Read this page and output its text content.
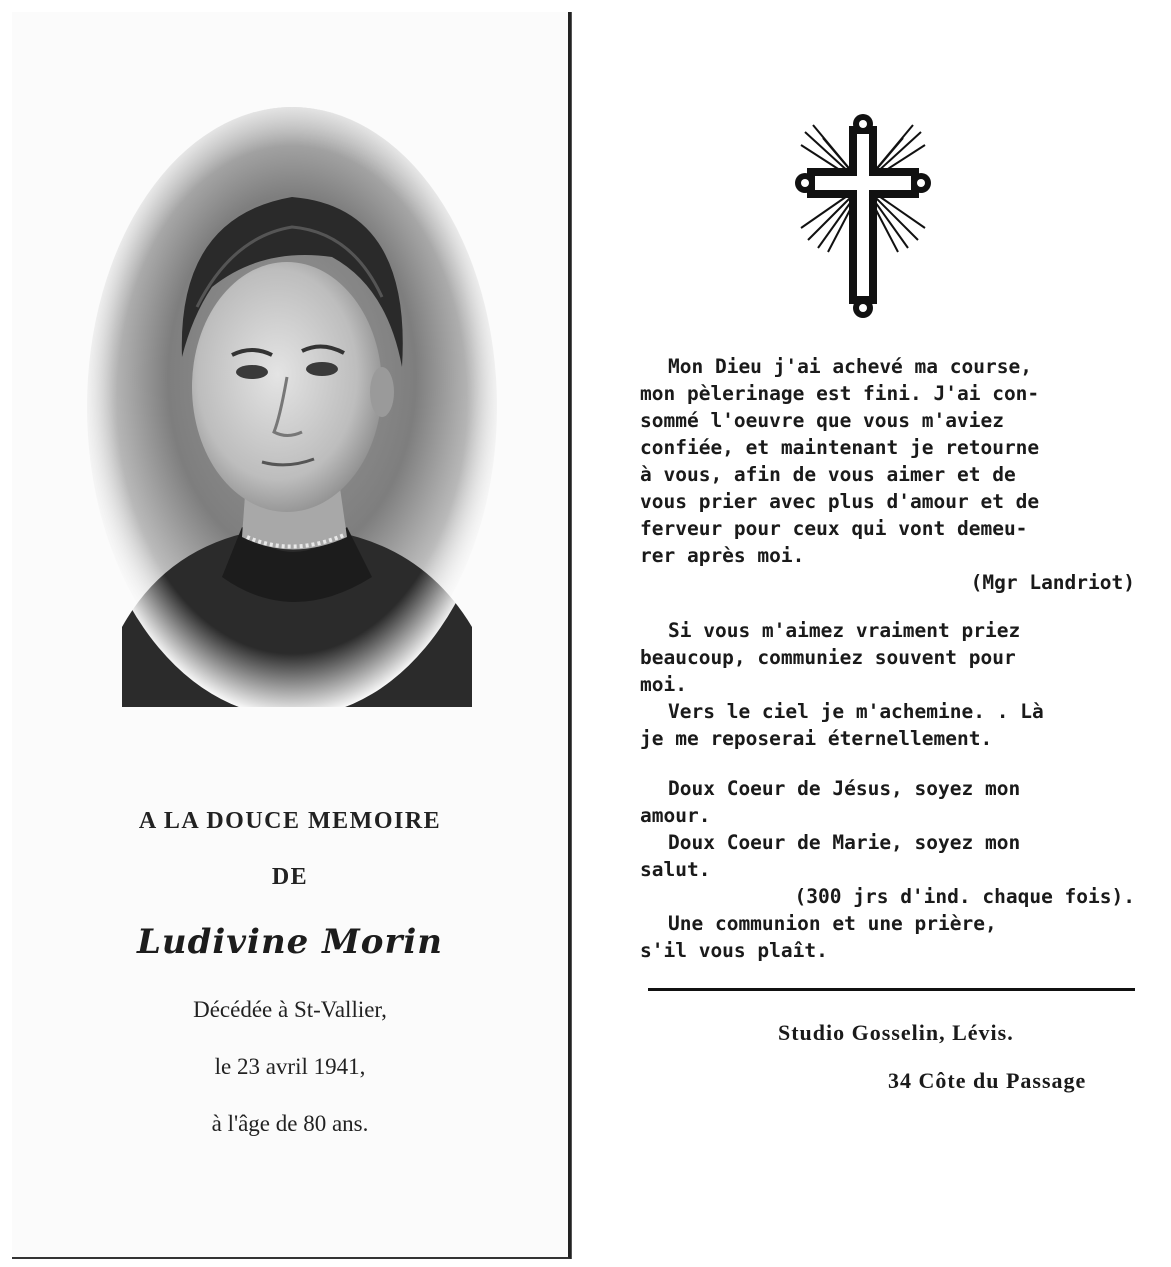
A LA DOUCE MEMOIRE
DE
Ludivine Morin
Décédée à St-Vallier,
le 23 avril 1941,
à l'âge de 80 ans.

Mon Dieu j'ai achevé ma course,

mon pèlerinage est fini. J'ai con-

sommé l'oeuvre que vous m'aviez

confiée, et maintenant je retourne

à vous, afin de vous aimer et de

vous prier avec plus d'amour et de

ferveur pour ceux qui vont demeu-

rer après moi.

(Mgr Landriot)

Si vous m'aimez vraiment priez

beaucoup, communiez souvent pour

moi.

Vers le ciel je m'achemine. . Là

je me reposerai éternellement.

Doux Coeur de Jésus, soyez mon

amour.

Doux Coeur de Marie, soyez mon

salut.

(300 jrs d'ind. chaque fois).

Une communion et une prière,

s'il vous plaît.

Studio Gosselin, Lévis.
34 Côte du Passage
